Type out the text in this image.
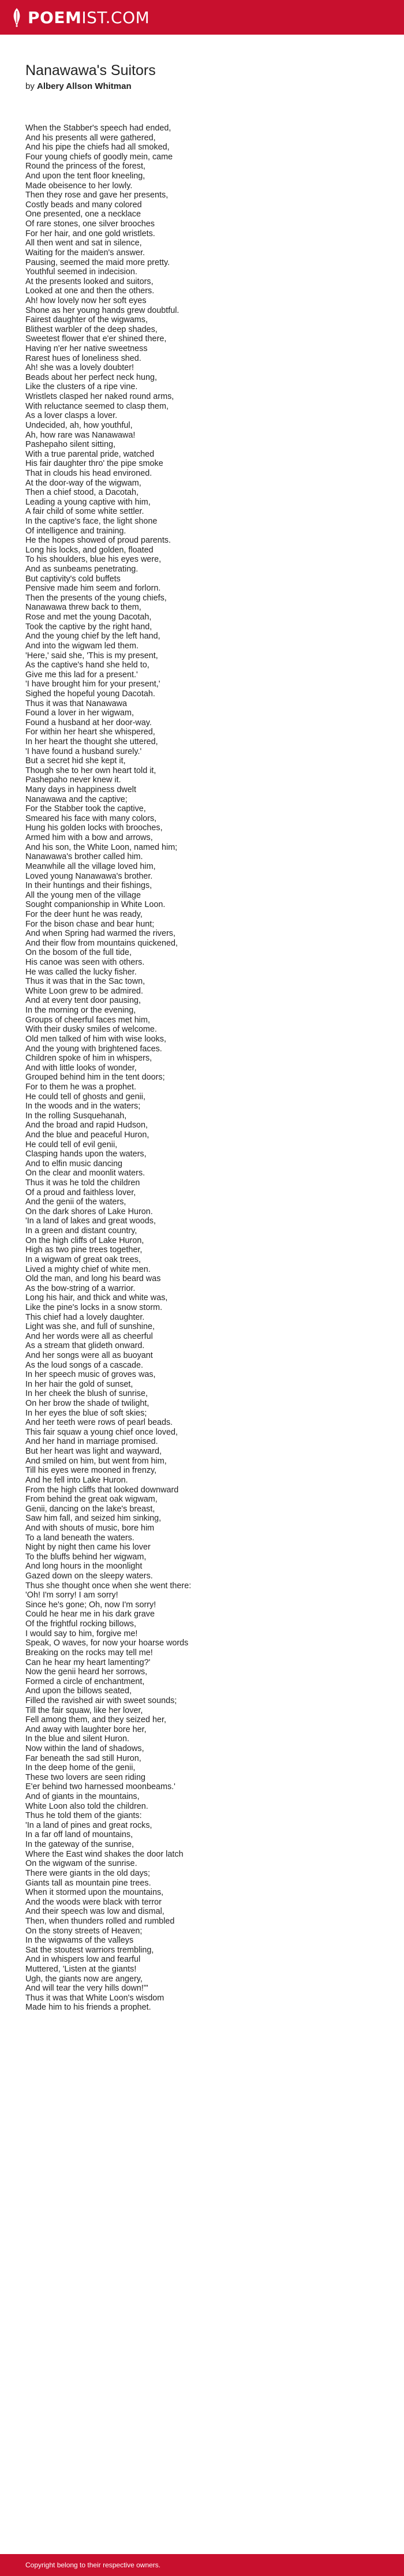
POEM IST.COM
Nanawawa's Suitors
by Albery Allson Whitman
When the Stabber's speech had ended,
And his presents all were gathered,
And his pipe the chiefs had all smoked,
Four young chiefs of goodly mein, came
Round the princess of the forest,
And upon the tent floor kneeling,
Made obeisence to her lowly.
Then they rose and gave her presents,
Costly beads and many colored
One presented, one a necklace
Of rare stones, one silver brooches
For her hair, and one gold wristlets.
All then went and sat in silence,
Waiting for the maiden's answer.
Pausing, seemed the maid more pretty.
Youthful seemed in indecision.
At the presents looked and suitors,
Looked at one and then the others.
Ah! how lovely now her soft eyes
Shone as her young hands grew doubtful.
Fairest daughter of the wigwams,
Blithest warbler of the deep shades,
Sweetest flower that e'er shined there,
Having n'er her native sweetness
Rarest hues of loneliness shed.
Ah! she was a lovely doubter!
Beads about her perfect neck hung,
Like the clusters of a ripe vine.
Wristlets clasped her naked round arms,
With reluctance seemed to clasp them,
As a lover clasps a lover.
Undecided, ah, how youthful,
Ah, how rare was Nanawawa!
Pashepaho silent sitting,
With a true parental pride, watched
His fair daughter thro' the pipe smoke
That in clouds his head environed.
At the door-way of the wigwam,
Then a chief stood, a Dacotah,
Leading a young captive with him,
A fair child of some white settler.
In the captive's face, the light shone
Of intelligence and training.
He the hopes showed of proud parents.
Long his locks, and golden, floated
To his shoulders, blue his eyes were,
And as sunbeams penetrating.
But captivity's cold buffets
Pensive made him seem and forlorn.
Then the presents of the young chiefs,
Nanawawa threw back to them,
Rose and met the young Dacotah,
Took the captive by the right hand,
And the young chief by the left hand,
And into the wigwam led them.
'Here,' said she, 'This is my present,
As the captive's hand she held to,
Give me this lad for a present.'
'I have brought him for your present,'
Sighed the hopeful young Dacotah.
Thus it was that Nanawawa
Found a lover in her wigwam,
Found a husband at her door-way.
For within her heart she whispered,
In her heart the thought she uttered,
'I have found a husband surely.'
But a secret hid she kept it,
Though she to her own heart told it,
Pashepaho never knew it.
Many days in happiness dwelt
Nanawawa and the captive;
For the Stabber took the captive,
Smeared his face with many colors,
Hung his golden locks with brooches,
Armed him with a bow and arrows,
And his son, the White Loon, named him;
Nanawawa's brother called him.
Meanwhile all the village loved him,
Loved young Nanawawa's brother.
In their huntings and their fishings,
All the young men of the village
Sought companionship in White Loon.
For the deer hunt he was ready,
For the bison chase and bear hunt;
And when Spring had warmed the rivers,
And their flow from mountains quickened,
On the bosom of the full tide,
His canoe was seen with others.
He was called the lucky fisher.
Thus it was that in the Sac town,
White Loon grew to be admired.
And at every tent door pausing,
In the morning or the evening,
Groups of cheerful faces met him,
With their dusky smiles of welcome.
Old men talked of him with wise looks,
And the young with brightened faces.
Children spoke of him in whispers,
And with little looks of wonder,
Grouped behind him in the tent doors;
For to them he was a prophet.
He could tell of ghosts and genii,
In the woods and in the waters;
In the rolling Susquehanah,
And the broad and rapid Hudson,
And the blue and peaceful Huron,
He could tell of evil genii,
Clasping hands upon the waters,
And to elfin music dancing
On the clear and moonlit waters.
Thus it was he told the children
Of a proud and faithless lover,
And the genii of the waters,
On the dark shores of Lake Huron.
'In a land of lakes and great woods,
In a green and distant country,
On the high cliffs of Lake Huron,
High as two pine trees together,
In a wigwam of great oak trees,
Lived a mighty chief of white men.
Old the man, and long his beard was
As the bow-string of a warrior.
Long his hair, and thick and white was,
Like the pine's locks in a snow storm.
This chief had a lovely daughter.
Light was she, and full of sunshine,
And her words were all as cheerful
As a stream that glideth onward.
And her songs were all as buoyant
As the loud songs of a cascade.
In her speech music of groves was,
In her hair the gold of sunset,
In her cheek the blush of sunrise,
On her brow the shade of twilight,
In her eyes the blue of soft skies;
And her teeth were rows of pearl beads.
This fair squaw a young chief once loved,
And her hand in marriage promised.
But her heart was light and wayward,
And smiled on him, but went from him,
Till his eyes were mooned in frenzy,
And he fell into Lake Huron.
From the high cliffs that looked downward
From behind the great oak wigwam,
Genii, dancing on the lake's breast,
Saw him fall, and seized him sinking,
And with shouts of music, bore him
To a land beneath the waters.
Night by night then came his lover
To the bluffs behind her wigwam,
And long hours in the moonlight
Gazed down on the sleepy waters.
Thus she thought once when she went there:
'Oh! I'm sorry! I am sorry!
Since he's gone; Oh, now I'm sorry!
Could he hear me in his dark grave
Of the frightful rocking billows,
I would say to him, forgive me!
Speak, O waves, for now your hoarse words
Breaking on the rocks may tell me!
Can he hear my heart lamenting?'
Now the genii heard her sorrows,
Formed a circle of enchantment,
And upon the billows seated,
Filled the ravished air with sweet sounds;
Till the fair squaw, like her lover,
Fell among them, and they seized her,
And away with laughter bore her,
In the blue and silent Huron.
Now within the land of shadows,
Far beneath the sad still Huron,
In the deep home of the genii,
These two lovers are seen riding
E'er behind two harnessed moonbeams.'
And of giants in the mountains,
White Loon also told the children.
Thus he told them of the giants:
'In a land of pines and great rocks,
In a far off land of mountains,
In the gateway of the sunrise,
Where the East wind shakes the door latch
On the wigwam of the sunrise.
There were giants in the old days;
Giants tall as mountain pine trees.
When it stormed upon the mountains,
And the woods were black with terror
And their speech was low and dismal,
Then, when thunders rolled and rumbled
On the stony streets of Heaven;
In the wigwams of the valleys
Sat the stoutest warriors trembling,
And in whispers low and fearful
Muttered, 'Listen at the giants!
Ugh, the giants now are angery,
And will tear the very hills down!'"
Thus it was that White Loon's wisdom
Made him to his friends a prophet.
Copyright belong to their respective owners.
